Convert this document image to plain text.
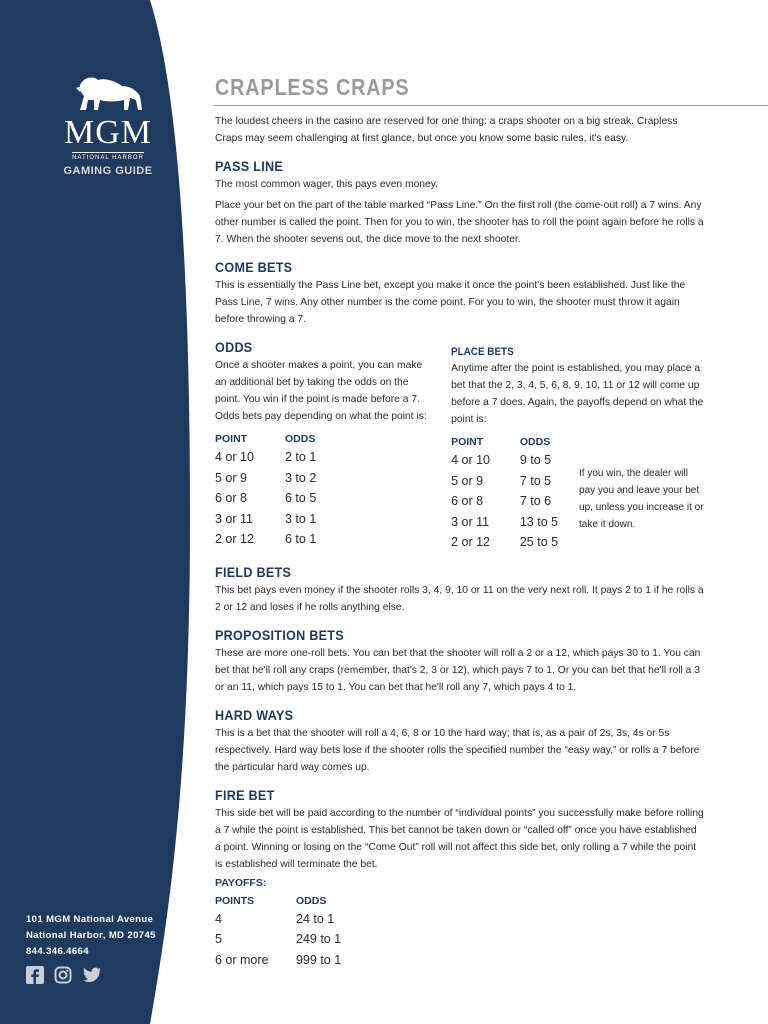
MGM
NATIONAL HARBOR
GAMING GUIDE
101 MGM National Avenue
National Harbor, MD 20745
844.346.4664
CRAPLESS CRAPS

The loudest cheers in the casino are reserved for one thing: a craps shooter on a big streak. Crapless Craps may seem challenging at first glance, but once you know some basic rules, it's easy.

PASS LINE

The most common wager, this pays even money.

Place your bet on the part of the table marked “Pass Line.” On the first roll (the come-out roll) a 7 wins. Any other number is called the point. Then for you to win, the shooter has to roll the point again before he rolls a 7. When the shooter sevens out, the dice move to the next shooter.

COME BETS

This is essentially the Pass Line bet, except you make it once the point's been established. Just like the Pass Line, 7 wins. Any other number is the come point. For you to win, the shooter must throw it again before throwing a 7.

ODDS

Once a shooter makes a point, you can make an additional bet by taking the odds on the point. You win if the point is made before a 7. Odds bets pay depending on what the point is:

POINT	ODDS
4 or 10	2 to 1
5 or 9	3 to 2
6 or 8	6 to 5
3 or 11	3 to 1
2 or 12	6 to 1
PLACE BETS

Anytime after the point is established, you may place a bet that the 2, 3, 4, 5, 6, 8, 9, 10, 11 or 12 will come up before a 7 does. Again, the payoffs depend on what the point is:

POINT	ODDS
4 or 10	9 to 5
5 or 9	7 to 5
6 or 8	7 to 6
3 or 11	13 to 5
2 or 12	25 to 5
If you win, the dealer will pay you and leave your bet up, unless you increase it or take it down.
FIELD BETS

This bet pays even money if the shooter rolls 3, 4, 9, 10 or 11 on the very next roll. It pays 2 to 1 if he rolls a 2 or 12 and loses if he rolls anything else.

PROPOSITION BETS

These are more one-roll bets. You can bet that the shooter will roll a 2 or a 12, which pays 30 to 1. You can bet that he'll roll any craps (remember, that's 2, 3 or 12), which pays 7 to 1. Or you can bet that he'll roll a 3 or an 11, which pays 15 to 1. You can bet that he'll roll any 7, which pays 4 to 1.

HARD WAYS

This is a bet that the shooter will roll a 4, 6, 8 or 10 the hard way; that is, as a pair of 2s, 3s, 4s or 5s respectively. Hard way bets lose if the shooter rolls the specified number the “easy way,” or rolls a 7 before the particular hard way comes up.

FIRE BET

This side bet will be paid according to the number of “individual points” you successfully make before rolling a 7 while the point is established. This bet cannot be taken down or “called off” once you have established a point. Winning or losing on the “Come Out” roll will not affect this side bet, only rolling a 7 while the point is established will terminate the bet.

PAYOFFS:
POINTS	ODDS
4	24 to 1
5	249 to 1
6 or more	999 to 1
